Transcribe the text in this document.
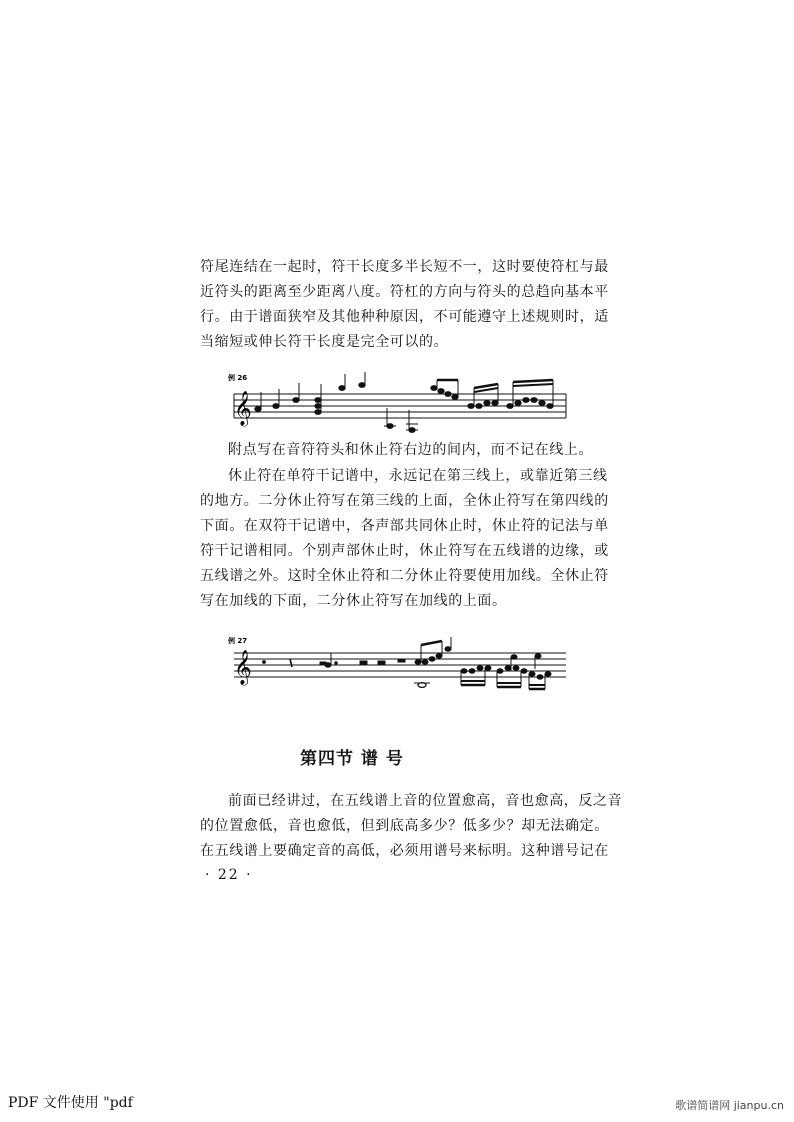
符尾连结在一起时，符干长度多半长短不一，这时要使符杠与最
近符头的距离至少距离八度。符杠的方向与符头的总趋向基本平
行。由于谱面狭窄及其他种种原因，不可能遵守上述规则时，适
当缩短或伸长符干长度是完全可以的。
例 26
𝄞
附点写在音符符头和休止符右边的间内，而不记在线上。
休止符在单符干记谱中，永远记在第三线上，或靠近第三线
的地方。二分休止符写在第三线的上面，全休止符写在第四线的
下面。在双符干记谱中，各声部共同休止时，休止符的记法与单
符干记谱相同。个别声部休止时，休止符写在五线谱的边缘，或
五线谱之外。这时全休止符和二分休止符要使用加线。全休止符
写在加线的下面，二分休止符写在加线的上面。
例 27
𝄞
第四节 谱 号
前面已经讲过，在五线谱上音的位置愈高，音也愈高，反之音
的位置愈低，音也愈低，但到底高多少？低多少？却无法确定。
在五线谱上要确定音的高低，必须用谱号来标明。这种谱号记在

· 22 ·

PDF 文件使用 "pdf	歌谱简谱网 jianpu.cn
